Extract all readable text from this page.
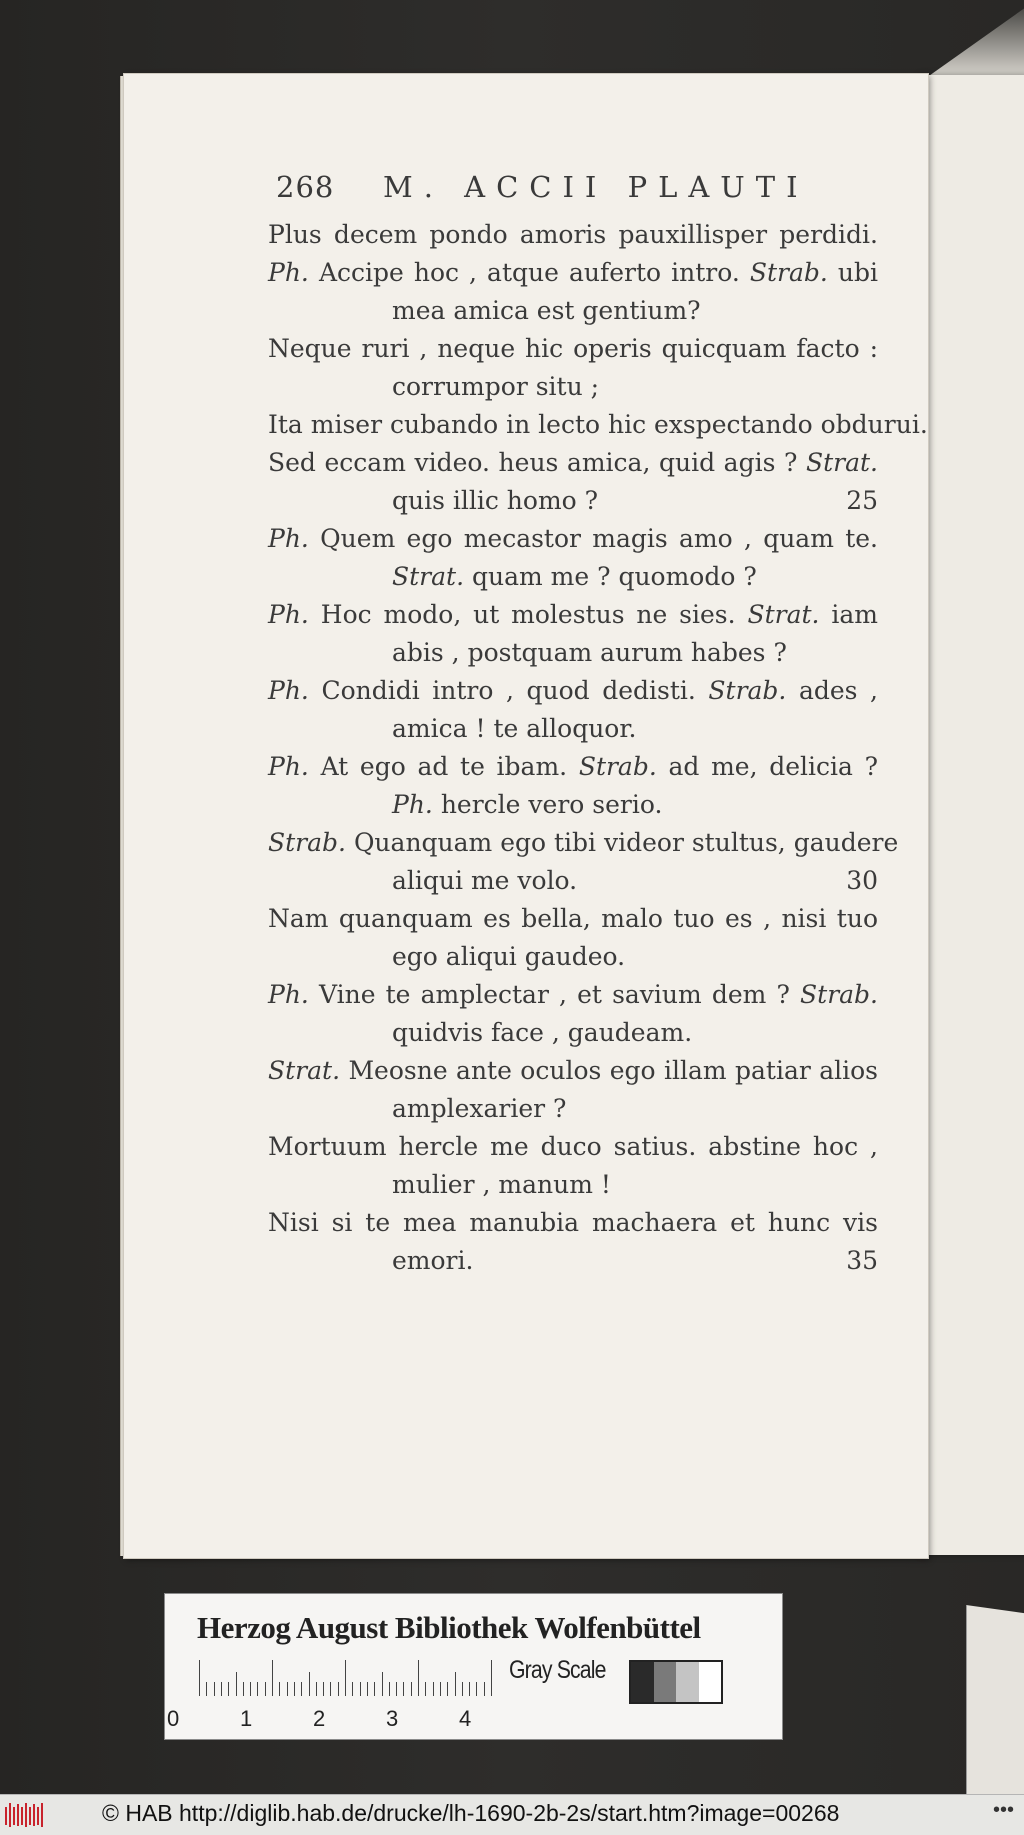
268 M. ACCII PLAUTI
Plus decem pondo amoris pauxillisper perdidi.
Ph. Accipe hoc , atque auferto intro. Strab. ubi
mea amica est gentium?
Neque ruri , neque hic operis quicquam facto :
corrumpor situ ;
Ita miser cubando in lecto hic exspectando obdurui.
Sed eccam video. heus amica, quid agis ? Strat.
quis illic homo ?	25
Ph. Quem ego mecastor magis amo , quam te.
Strat. quam me ? quomodo ?
Ph. Hoc modo, ut molestus ne sies. Strat. iam
abis , postquam aurum habes ?
Ph. Condidi intro , quod dedisti. Strab. ades ,
amica ! te alloquor.
Ph. At ego ad te ibam. Strab. ad me, delicia ?
Ph. hercle vero serio.
Strab. Quanquam ego tibi videor stultus, gaudere
aliqui me volo.	30
Nam quanquam es bella, malo tuo es , nisi tuo
ego aliqui gaudeo.
Ph. Vine te amplectar , et savium dem ? Strab.
quidvis face , gaudeam.
Strat. Meosne ante oculos ego illam patiar alios
amplexarier ?
Mortuum hercle me duco satius. abstine hoc ,
mulier , manum !
Nisi si te mea manubia machaera et hunc vis
emori.	35
Herzog August Bibliothek Wolfenbüttel
0	1	2	3	4
Gray Scale
© HAB http://diglib.hab.de/drucke/lh-1690-2b-2s/start.htm?image=00268	•••
